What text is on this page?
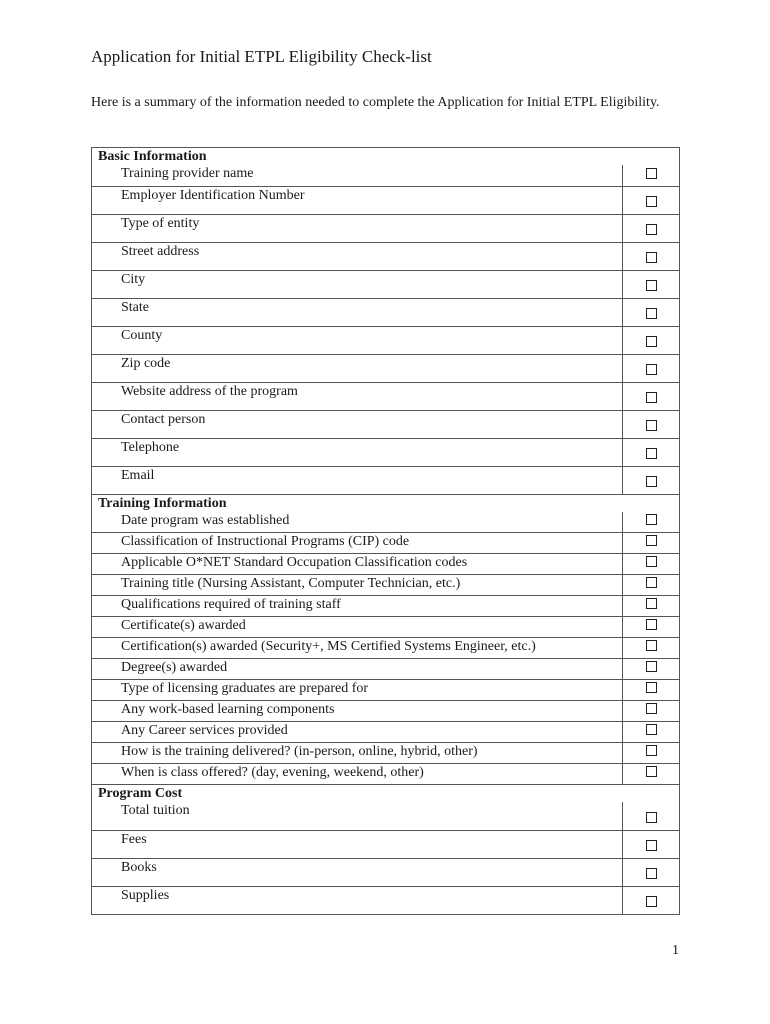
Application for Initial ETPL Eligibility Check-list
Here is a summary of the information needed to complete the Application for Initial ETPL Eligibility.
Basic Information	
Training provider name	
Employer Identification Number	
Type of entity	
Street address	
City	
State	
County	
Zip code	
Website address of the program	
Contact person	
Telephone	
Email	
Training Information	
Date program was established	
Classification of Instructional Programs (CIP) code	
Applicable O*NET Standard Occupation Classification codes	
Training title (Nursing Assistant, Computer Technician, etc.)	
Qualifications required of training staff	
Certificate(s) awarded	
Certification(s) awarded (Security+, MS Certified Systems Engineer, etc.)	
Degree(s) awarded	
Type of licensing graduates are prepared for	
Any work-based learning components	
Any Career services provided	
How is the training delivered? (in-person, online, hybrid, other)	
When is class offered? (day, evening, weekend, other)	
Program Cost	
Total tuition	
Fees	
Books	
Supplies	
1
